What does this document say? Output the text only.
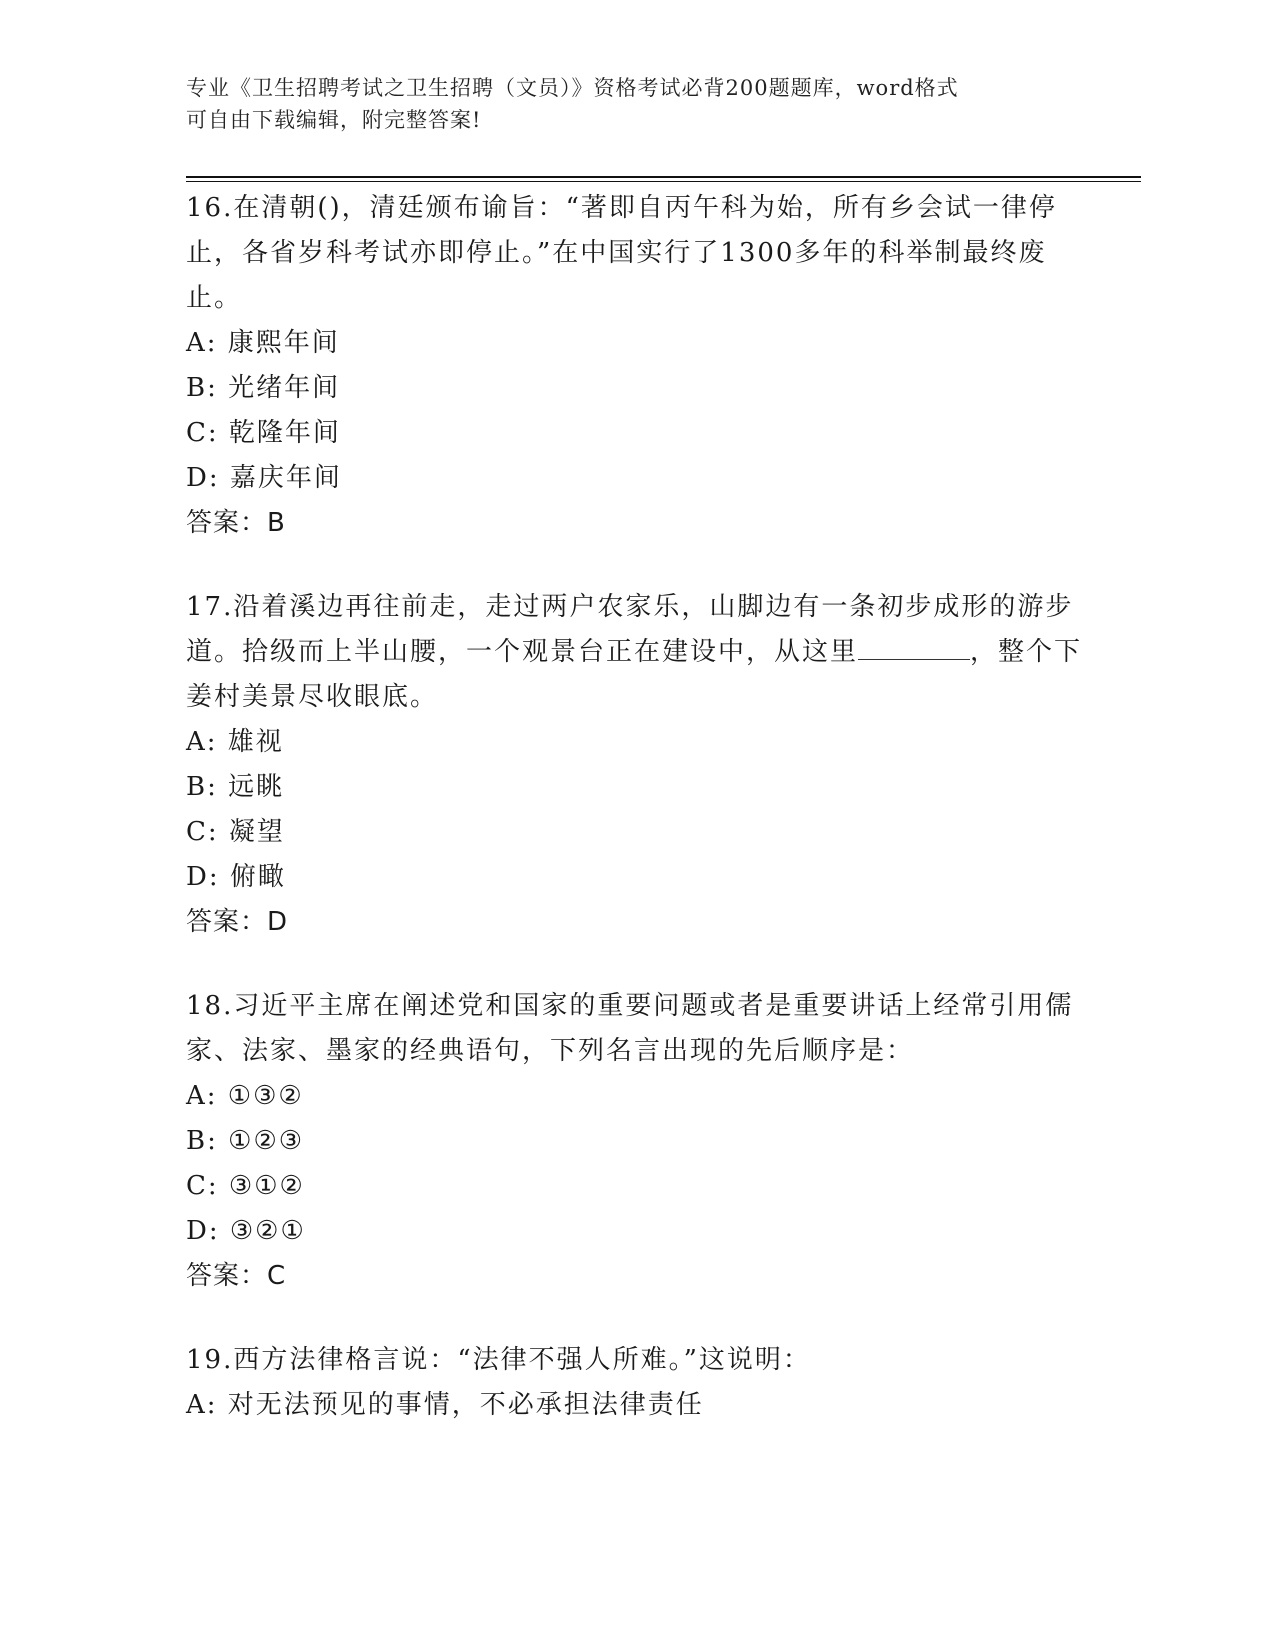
专业《卫生招聘考试之卫生招聘（文员）》资格考试必背200题题库，word格式
可自由下载编辑，附完整答案!

16.在清朝()，清廷颁布谕旨：“著即自丙午科为始，所有乡会试一律停止，各省岁科考试亦即停止。”在中国实行了1300多年的科举制最终废止。

A: 康熙年间

B: 光绪年间

C: 乾隆年间

D: 嘉庆年间

答案：B

17.沿着溪边再往前走，走过两户农家乐，山脚边有一条初步成形的游步道。拾级而上半山腰，一个观景台正在建设中，从这里	，整个下姜村美景尽收眼底。

A: 雄视

B: 远眺

C: 凝望

D: 俯瞰

答案：D

18.习近平主席在阐述党和国家的重要问题或者是重要讲话上经常引用儒家、法家、墨家的经典语句，下列名言出现的先后顺序是：

A: ①③②

B: ①②③

C: ③①②

D: ③②①

答案：C

19.西方法律格言说：“法律不强人所难。”这说明：

A: 对无法预见的事情，不必承担法律责任
